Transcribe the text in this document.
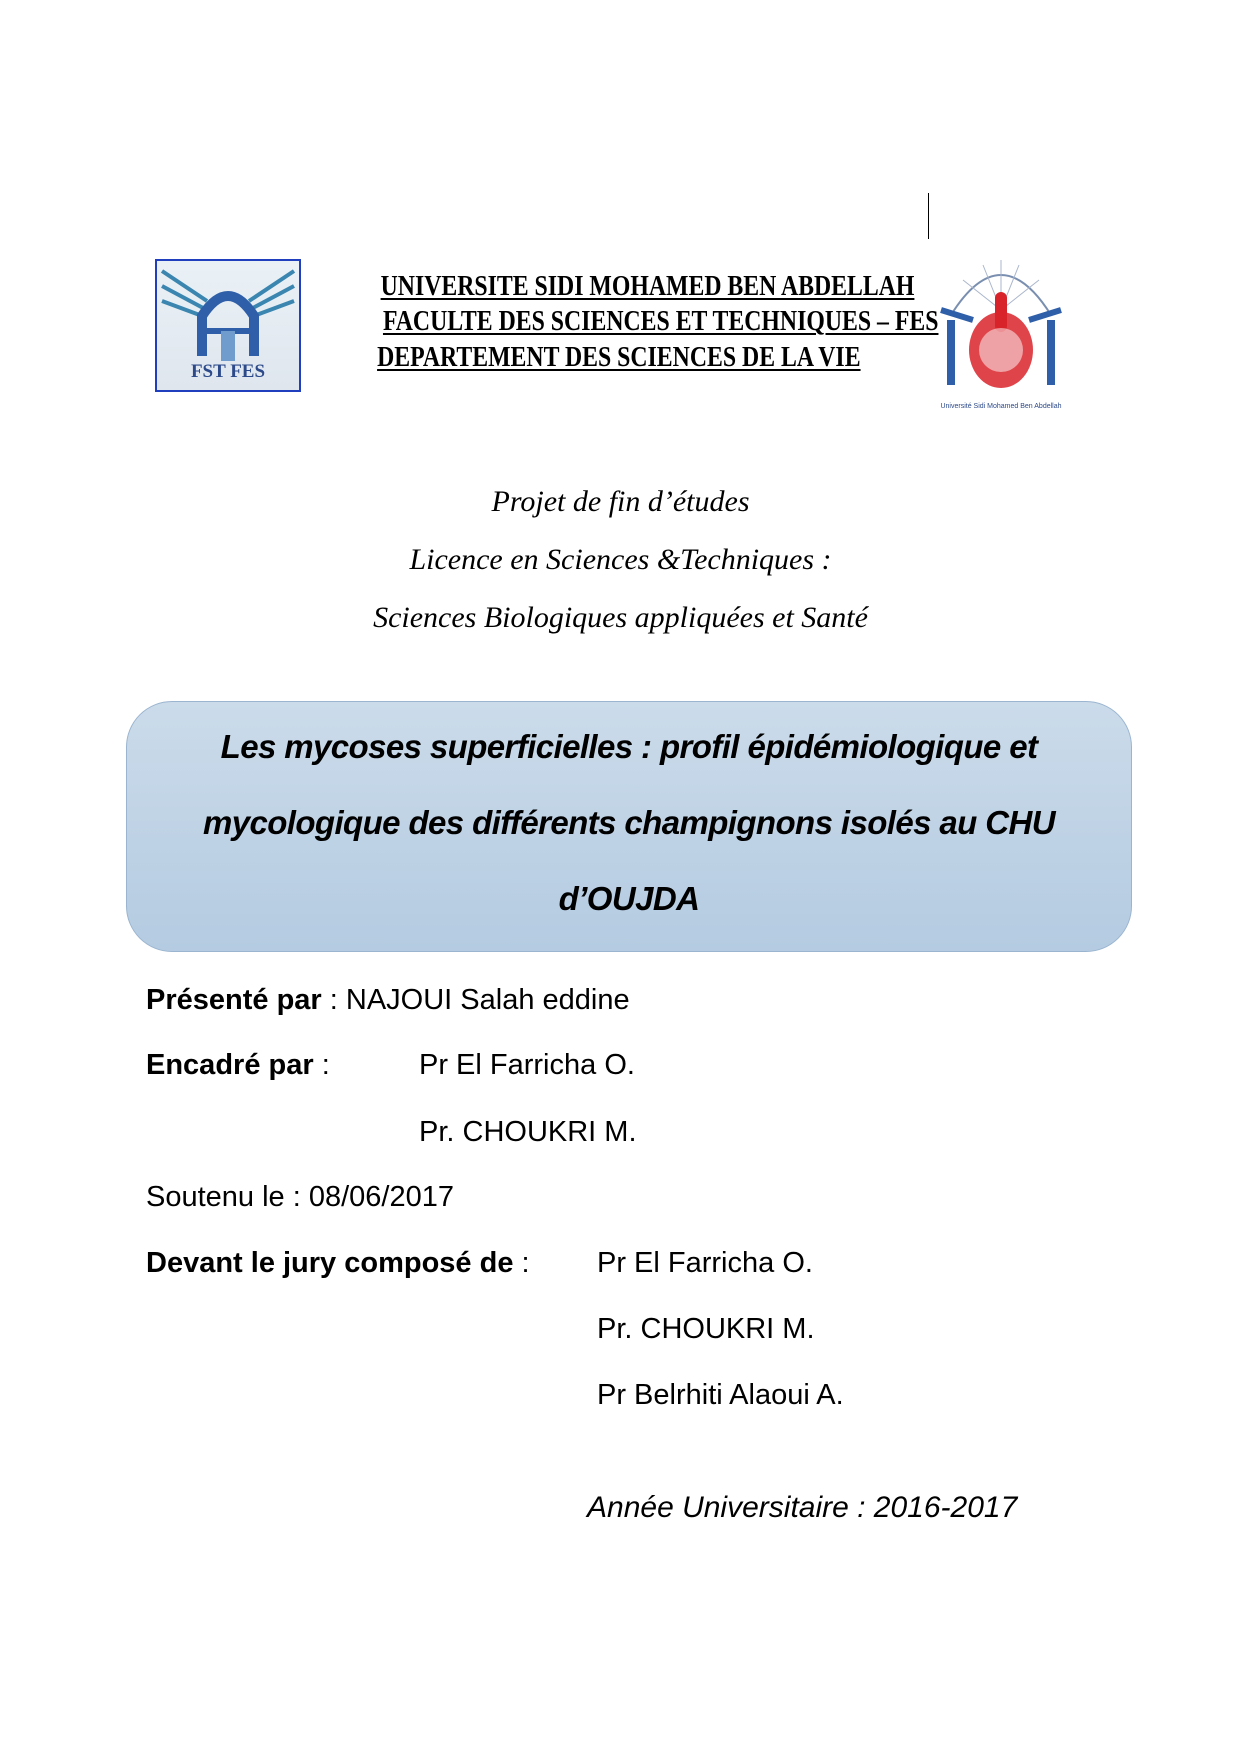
FST FES
UNIVERSITE SIDI MOHAMED BEN ABDELLAH
FACULTE DES SCIENCES ET TECHNIQUES – FES
DEPARTEMENT DES SCIENCES DE LA VIE
Université Sidi Mohamed Ben Abdellah
Projet de fin d’études
Licence en Sciences &Techniques :
Sciences Biologiques appliquées et Santé
Les mycoses superficielles : profil épidémiologique et
mycologique des différents champignons isolés au CHU
d’OUJDA
Présenté par : NAJOUI Salah eddine
Encadré par :	Pr El Farricha O.
Pr. CHOUKRI M.
Soutenu le : 08/06/2017
Devant le jury composé de : Pr El Farricha O.
Pr. CHOUKRI M.
Pr Belrhiti Alaoui A.
Année Universitaire : 2016-2017
